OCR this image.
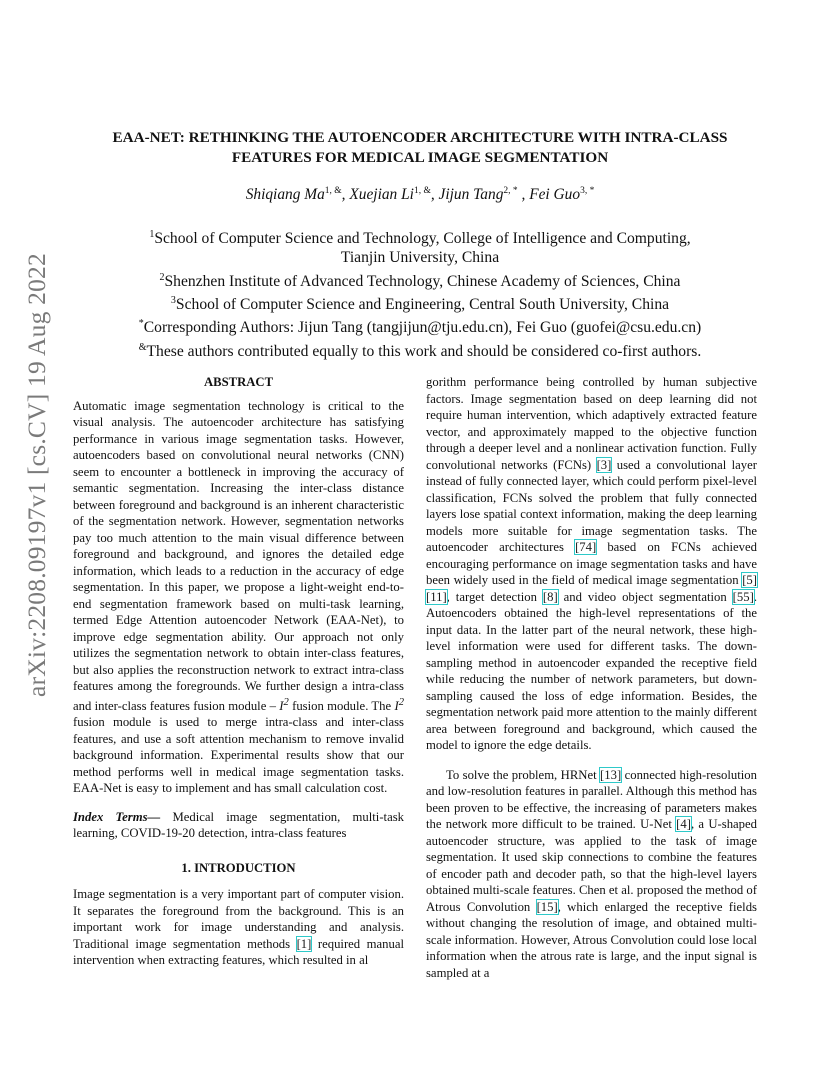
arXiv:2208.09197v1 [cs.CV] 19 Aug 2022
EAA-NET: RETHINKING THE AUTOENCODER ARCHITECTURE WITH INTRA-CLASS
FEATURES FOR MEDICAL IMAGE SEGMENTATION
Shiqiang $Ma^{1, \&}$, Xuejian $Li^{1, \&}$, Jijun Tang$^{2, *}$ , Fei Guo$^{3, *}$
$^1$School of Computer Science and Technology, College of Intelligence and Computing,
Tianjin University, China
$^2$Shenzhen Institute of Advanced Technology, Chinese Academy of Sciences, China
$^3$School of Computer Science and Engineering, Central South University, China
*Corresponding Authors: Jijun Tang (tangjijun@tju.edu.cn), Fei Guo (guofei@csu.edu.cn)
&These authors contributed equally to this work and should be considered co-first authors.
ABSTRACT

Automatic image segmentation technology is critical to the visual analysis. The autoencoder architecture has satisfying performance in various image segmentation tasks. However, autoencoders based on convolutional neural networks (CNN) seem to encounter a bottleneck in improving the accuracy of semantic segmentation. Increasing the inter-class distance between foreground and background is an inherent characteristic of the segmentation network. However, segmentation networks pay too much attention to the main visual difference between foreground and background, and ignores the detailed edge information, which leads to a reduction in the accuracy of edge segmentation. In this paper, we propose a light-weight end-to-end segmentation framework based on multi-task learning, termed Edge Attention autoencoder Network (EAA-Net), to improve edge segmentation ability. Our approach not only utilizes the segmentation network to obtain inter-class features, but also applies the reconstruction network to extract intra-class features among the foregrounds. We further design a intra-class and inter-class features fusion module – $I^2$ fusion module. The $I^2$ fusion module is used to merge intra-class and inter-class features, and use a soft attention mechanism to remove invalid background information. Experimental results show that our method performs well in medical image segmentation tasks. EAA-Net is easy to implement and has small calculation cost.

Index Terms— Medical image segmentation, multi-task learning, COVID-19-20 detection, intra-class features

1. INTRODUCTION

Image segmentation is a very important part of computer vision. It separates the foreground from the background. This is an important work for image understanding and analysis. Traditional image segmentation methods [1] required manual intervention when extracting features, which resulted in al

gorithm performance being controlled by human subjective factors. Image segmentation based on deep learning did not require human intervention, which adaptively extracted feature vector, and approximately mapped to the objective function through a deeper level and a nonlinear activation function. Fully convolutional networks (FCNs) [3] used a convolutional layer instead of fully connected layer, which could perform pixel-level classification, FCNs solved the problem that fully connected layers lose spatial context information, making the deep learning models more suitable for image segmentation tasks. The autoencoder architectures [74] based on FCNs achieved encouraging performance on image segmentation tasks and have been widely used in the field of medical image segmentation [5][11], target detection [8] and video object segmentation [55]. Autoencoders obtained the high-level representations of the input data. In the latter part of the neural network, these high-level information were used for different tasks. The down-sampling method in autoencoder expanded the receptive field while reducing the number of network parameters, but down-sampling caused the loss of edge information. Besides, the segmentation network paid more attention to the mainly different area between foreground and background, which caused the model to ignore the edge details.

To solve the problem, HRNet [13] connected high-resolution and low-resolution features in parallel. Although this method has been proven to be effective, the increasing of parameters makes the network more difficult to be trained. U-Net [4], a U-shaped autoencoder structure, was applied to the task of image segmentation. It used skip connections to combine the features of encoder path and decoder path, so that the high-level layers obtained multi-scale features. Chen et al. proposed the method of Atrous Convolution [15], which enlarged the receptive fields without changing the resolution of image, and obtained multi-scale information. However, Atrous Convolution could lose local information when the atrous rate is large, and the input signal is sampled at a
